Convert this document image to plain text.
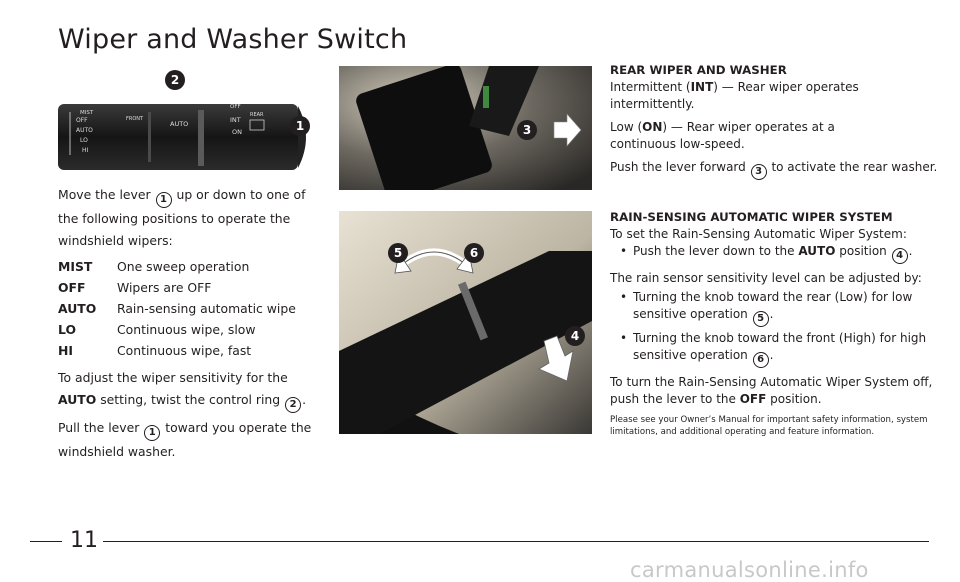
Wiper and Washer Switch
MIST
OFF
AUTO
LO
HI
FRONT
AUTO
OFF
INT
ON
REAR
2
1	3
5	6
4

Move the lever 1 up or down to one of the following positions to operate the windshield wipers:

MIST	One sweep operation
OFF	Wipers are OFF
AUTO	Rain-sensing automatic wipe
LO	Continuous wipe, slow
HI	Continuous wipe, fast

To adjust the wiper sensitivity for the AUTO setting, twist the control ring 2 .

Pull the lever 1 toward you operate the windshield washer.

REAR WIPER AND WASHER

Intermittent (INT) — Rear wiper operates intermittently.

Low (ON) — Rear wiper operates at a continuous low-speed.

Push the lever forward 3 to activate the rear washer.

RAIN-SENSING AUTOMATIC WIPER SYSTEM
To set the Rain-Sensing Automatic Wiper System:
• Push the lever down to the AUTO position 4 .
The rain sensor sensitivity level can be adjusted by:
• Turning the knob toward the rear (Low) for low sensitive operation 5 .
• Turning the knob toward the front (High) for high sensitive operation 6 .

To turn the Rain-Sensing Automatic Wiper System off, push the lever to the OFF position.

Please see your Owner’s Manual for important safety information, system limitations, and additional operating and feature information.
11
carmanualsonline.info
